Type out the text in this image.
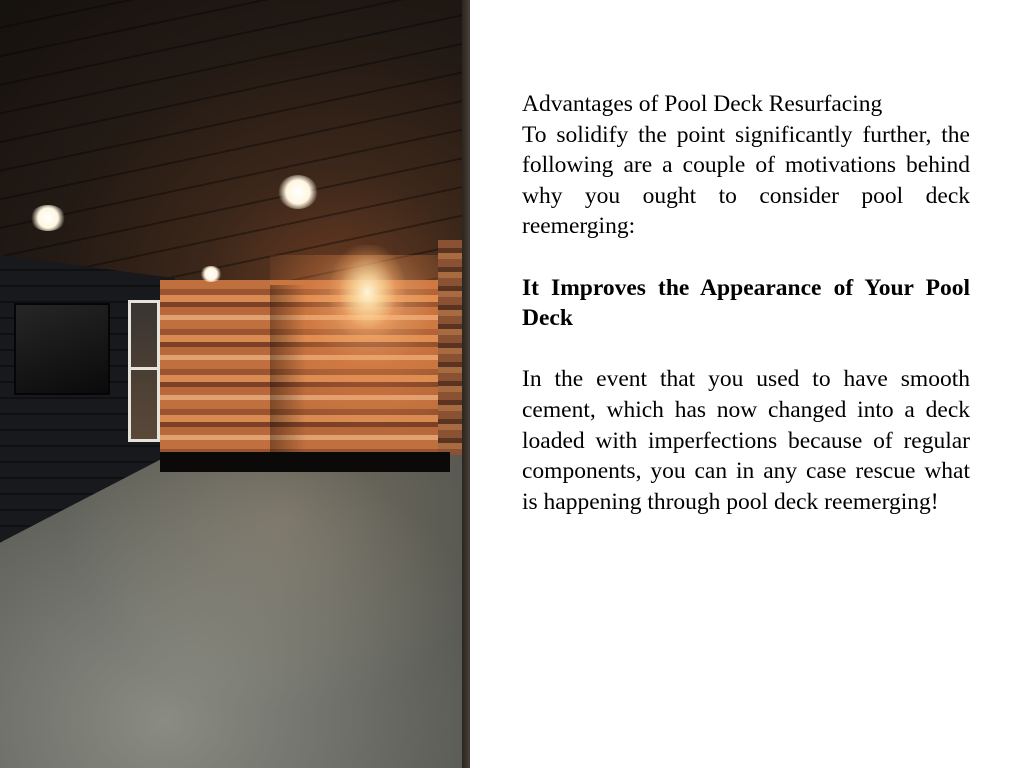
Advantages of Pool Deck Resurfacing

To solidify the point significantly further, the following are a couple of motivations behind why you ought to consider pool deck reemerging:

It Improves the Appearance of Your Pool Deck

In the event that you used to have smooth cement, which has now changed into a deck loaded with imperfections because of regular components, you can in any case rescue what is happening through pool deck reemerging!
